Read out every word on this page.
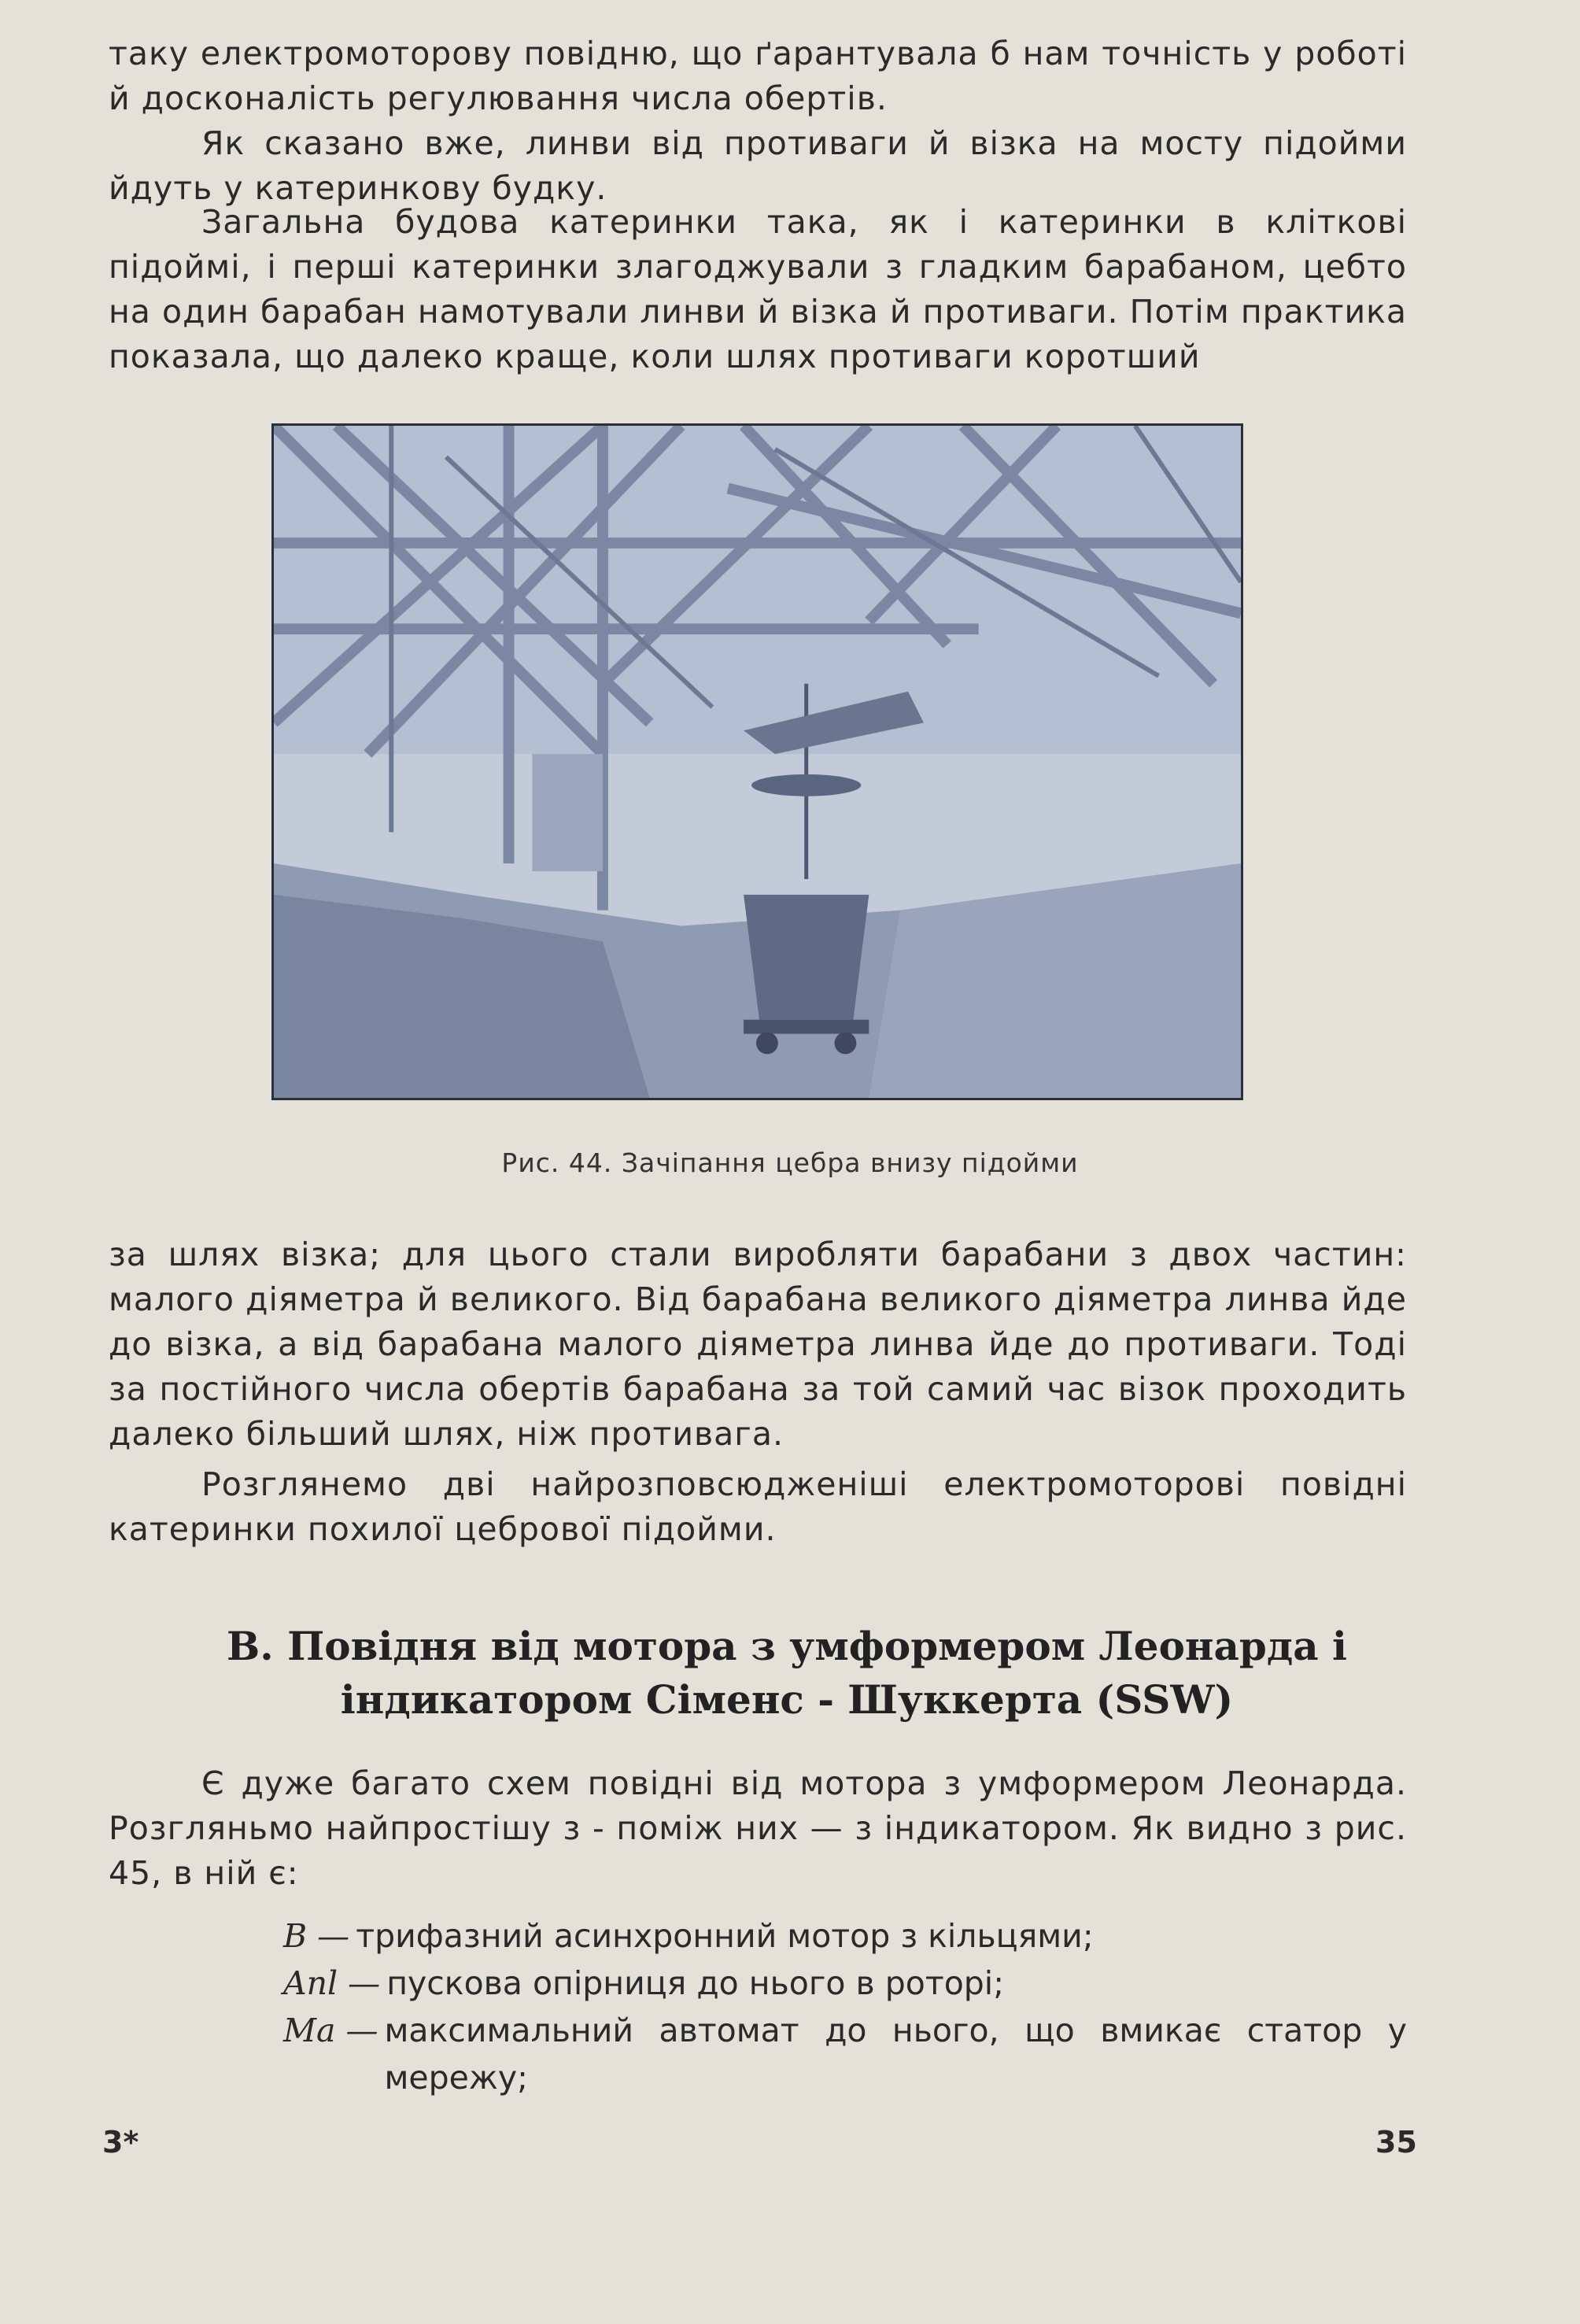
таку електромоторову повідню, що ґарантувала б нам точність у роботі й досконалість регулювання числа обертів.

Як сказано вже, линви від противаги й візка на мосту підойми йдуть у катеринкову будку.

Загальна будова катеринки така, як і катеринки в кліткові підоймі, і перші катеринки злагоджували з гладким барабаном, цебто на один барабан намотували линви й візка й противаги. Потім практика показала, що далеко краще, коли шлях противаги коротший

Рис. 44. Зачіпання цебра внизу підойми

за шлях візка; для цього стали виробляти барабани з двох частин: малого діяметра й великого. Від барабана великого діяметра линва йде до візка, а від барабана малого діяметра линва йде до противаги. Тоді за постійного числа обертів барабана за той самий час візок проходить далеко більший шлях, ніж противага.

Розглянемо дві найрозповсюдженіші електромоторові повідні катеринки похилої цебрової підойми.

B. Повідня від мотора з умформером Леонарда і
індикатором Сіменс - Шуккерта (SSW)

Є дуже багато схем повідні від мотора з умформером Леонарда. Розгляньмо найпростішу з - поміж них — з індикатором. Як видно з рис. 45, в ній є:

B — трифазний асинхронний мотор з кільцями;
Anl — пускова опірниця до нього в роторі;
Ma — максимальний автомат до нього, що вмикає статор у мережу;

3*	35
